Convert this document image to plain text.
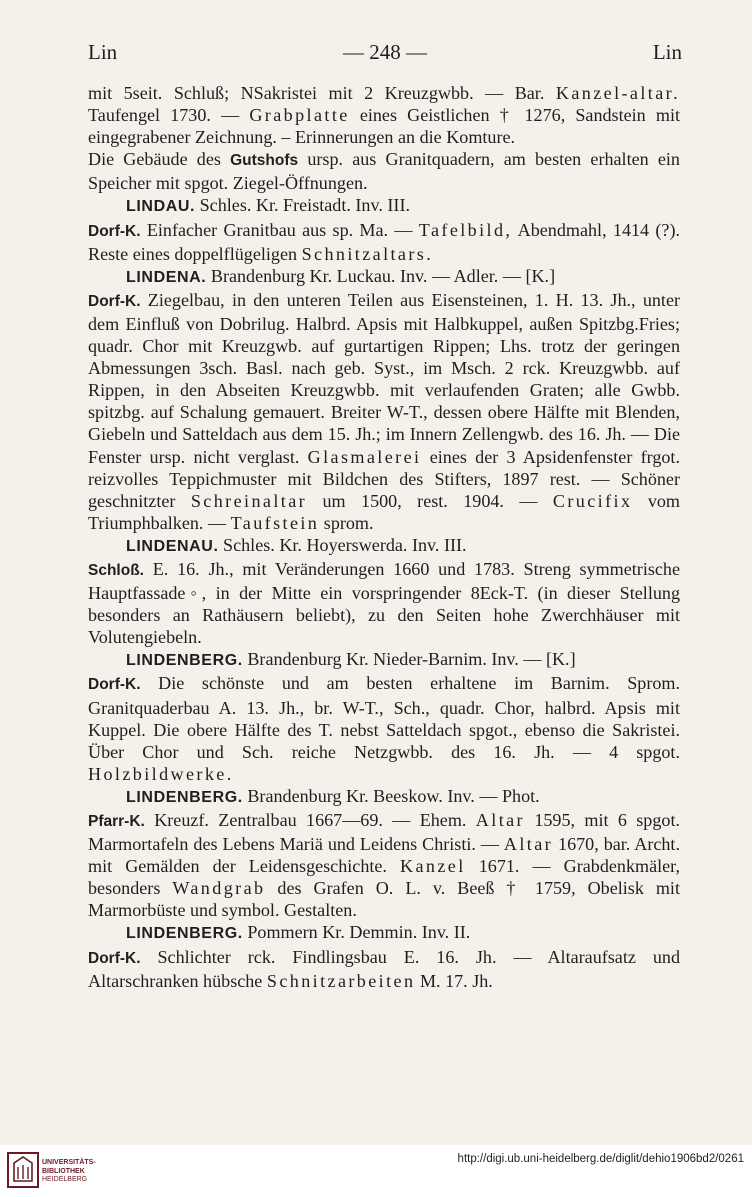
Lin	— 248 —	Lin

mit 5seit. Schluß; NSakristei mit 2 Kreuzgwbb. — Bar. Kanzel-altar. Taufengel 1730. — Grabplatte eines Geistlichen † 1276, Sandstein mit eingegrabener Zeichnung. – Erinnerungen an die Komture.

Die Gebäude des Gutshofs ursp. aus Granitquadern, am besten erhalten ein Speicher mit spgot. Ziegel-Öffnungen.

LINDAU. Schles. Kr. Freistadt. Inv. III.

Dorf-K. Einfacher Granitbau aus sp. Ma. — Tafelbild, Abendmahl, 1414 (?). Reste eines doppelflügeligen Schnitzaltars.

LINDENA. Brandenburg Kr. Luckau. Inv. — Adler. — [K.]

Dorf-K. Ziegelbau, in den unteren Teilen aus Eisensteinen, 1. H. 13. Jh., unter dem Einfluß von Dobrilug. Halbrd. Apsis mit Halbkuppel, außen Spitzbg.Fries; quadr. Chor mit Kreuzgwb. auf gurtartigen Rippen; Lhs. trotz der geringen Abmessungen 3sch. Basl. nach geb. Syst., im Msch. 2 rck. Kreuzgwbb. auf Rippen, in den Abseiten Kreuzgwbb. mit verlaufenden Graten; alle Gwbb. spitzbg. auf Schalung gemauert. Breiter W-T., dessen obere Hälfte mit Blenden, Giebeln und Satteldach aus dem 15. Jh.; im Innern Zellengwb. des 16. Jh. — Die Fenster ursp. nicht verglast. Glasmalerei eines der 3 Apsidenfenster frgot. reizvolles Teppichmuster mit Bildchen des Stifters, 1897 rest. — Schöner geschnitzter Schreinaltar um 1500, rest. 1904. — Crucifix vom Triumphbalken. — Taufstein sprom.

LINDENAU. Schles. Kr. Hoyerswerda. Inv. III.

Schloß. E. 16. Jh., mit Veränderungen 1660 und 1783. Streng symmetrische Hauptfassade◦, in der Mitte ein vorspringender 8Eck-T. (in dieser Stellung besonders an Rathäusern beliebt), zu den Seiten hohe Zwerchhäuser mit Volutengiebeln.

LINDENBERG. Brandenburg Kr. Nieder-Barnim. Inv. — [K.]

Dorf-K. Die schönste und am besten erhaltene im Barnim. Sprom. Granitquaderbau A. 13. Jh., br. W-T., Sch., quadr. Chor, halbrd. Apsis mit Kuppel. Die obere Hälfte des T. nebst Satteldach spgot., ebenso die Sakristei. Über Chor und Sch. reiche Netzgwbb. des 16. Jh. — 4 spgot. Holzbildwerke.

LINDENBERG. Brandenburg Kr. Beeskow. Inv. — Phot.

Pfarr-K. Kreuzf. Zentralbau 1667—69. — Ehem. Altar 1595, mit 6 spgot. Marmortafeln des Lebens Mariä und Leidens Christi. — Altar 1670, bar. Archt. mit Gemälden der Leidensgeschichte. Kanzel 1671. — Grabdenkmäler, besonders Wandgrab des Grafen O. L. v. Beeß † 1759, Obelisk mit Marmorbüste und symbol. Gestalten.

LINDENBERG. Pommern Kr. Demmin. Inv. II.

Dorf-K. Schlichter rck. Findlingsbau E. 16. Jh. — Altaraufsatz und Altarschranken hübsche Schnitzarbeiten M. 17. Jh.

UNIVERSITÄTS-
BIBLIOTHEK
HEIDELBERG
http://digi.ub.uni-heidelberg.de/diglit/dehio1906bd2/0261
